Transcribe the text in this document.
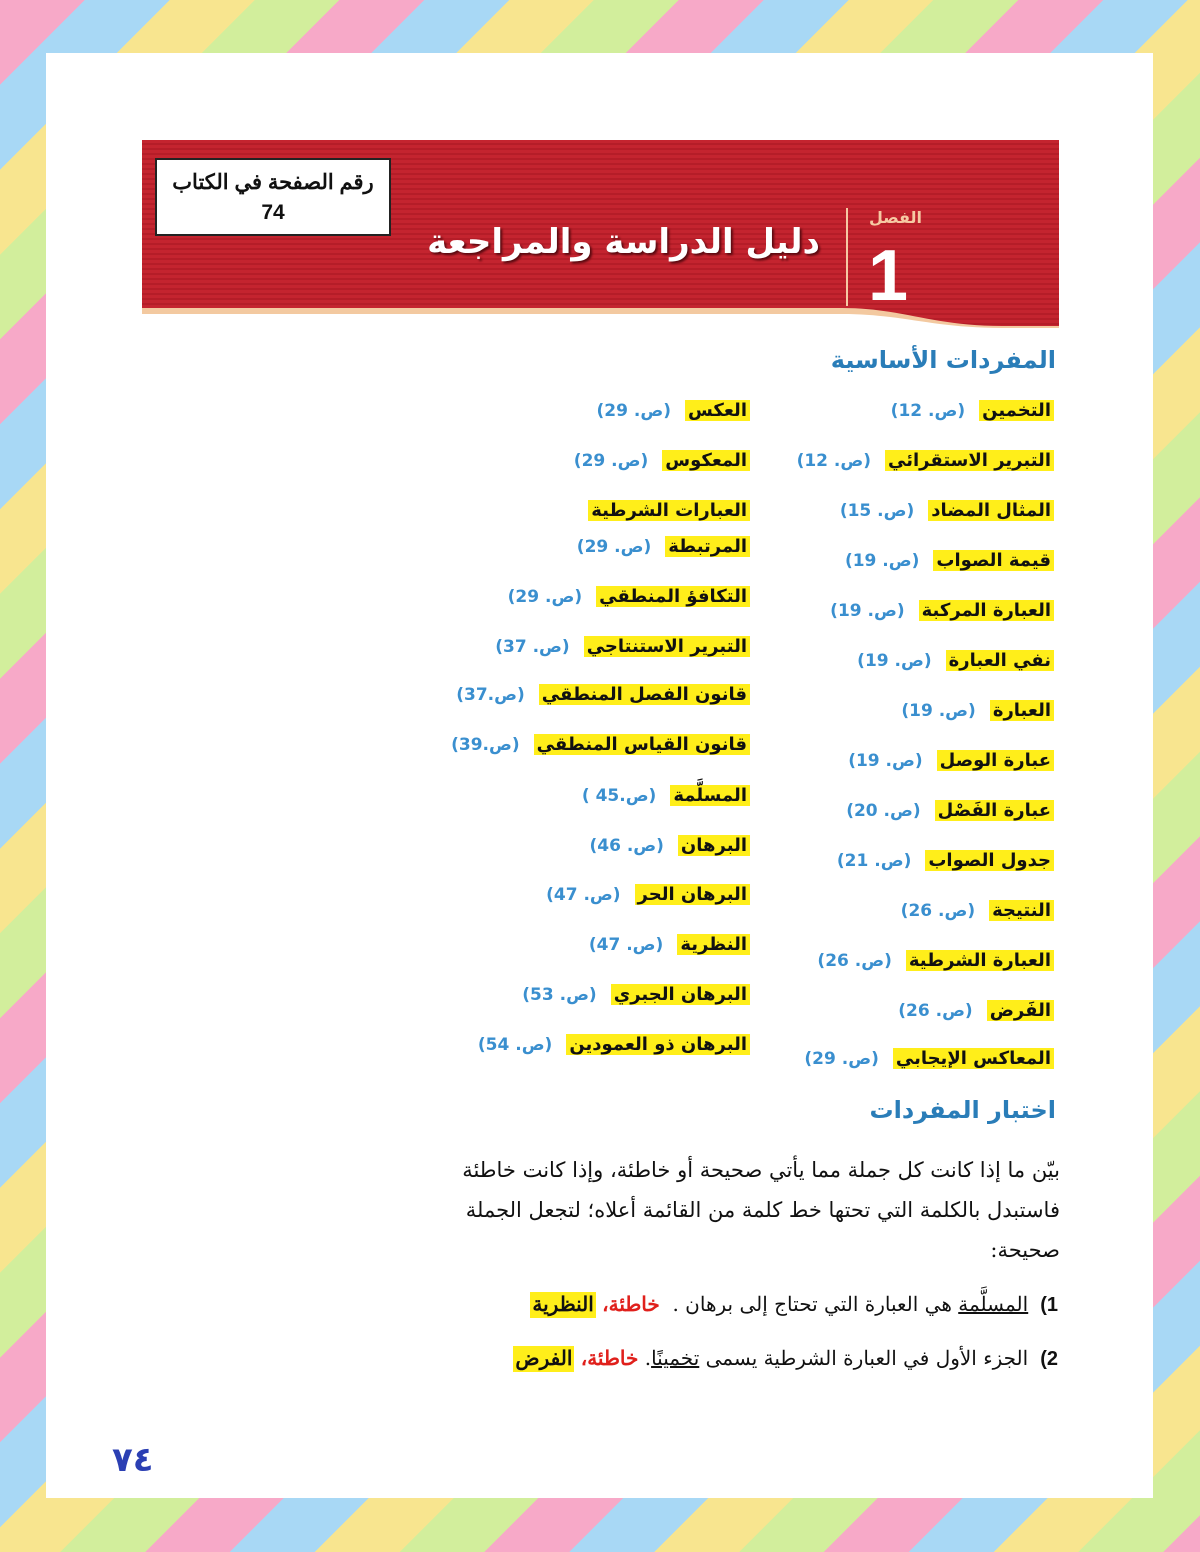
الفصل
1
دليل الدراسة والمراجعة
رقم الصفحة في الكتاب
74
المفردات الأساسية
التخمين(ص. 12)
التبرير الاستقرائي(ص. 12)
المثال المضاد(ص. 15)
قيمة الصواب(ص. 19)
العبارة المركبة(ص. 19)
نفي العبارة(ص. 19)
العبارة(ص. 19)
عبارة الوصل(ص. 19)
عبارة الفَصْل(ص. 20)
جدول الصواب(ص. 21)
النتيجة(ص. 26)
العبارة الشرطية(ص. 26)
الفَرض(ص. 26)
المعاكس الإيجابي(ص. 29)
العكس(ص. 29)
المعكوس(ص. 29)
العبارات الشرطية
المرتبطة(ص. 29)
التكافؤ المنطقي(ص. 29)
التبرير الاستنتاجي(ص. 37)
قانون الفصل المنطقي(ص.37)
قانون القياس المنطقي(ص.39)
المسلَّمة(ص.45 )
البرهان(ص. 46)
البرهان الحر(ص. 47)
النظرية(ص. 47)
البرهان الجبري(ص. 53)
البرهان ذو العمودين(ص. 54)
اختبار المفردات
بيّن ما إذا كانت كل جملة مما يأتي صحيحة أو خاطئة، وإذا كانت خاطئة فاستبدل بالكلمة التي تحتها خط كلمة من القائمة أعلاه؛ لتجعل الجملة صحيحة:
1)المسلَّمة هي العبارة التي تحتاج إلى برهان .  خاطئة، النظرية
2)الجزء الأول في العبارة الشرطية يسمى تخمينًا. خاطئة، الفرض
٧٤
